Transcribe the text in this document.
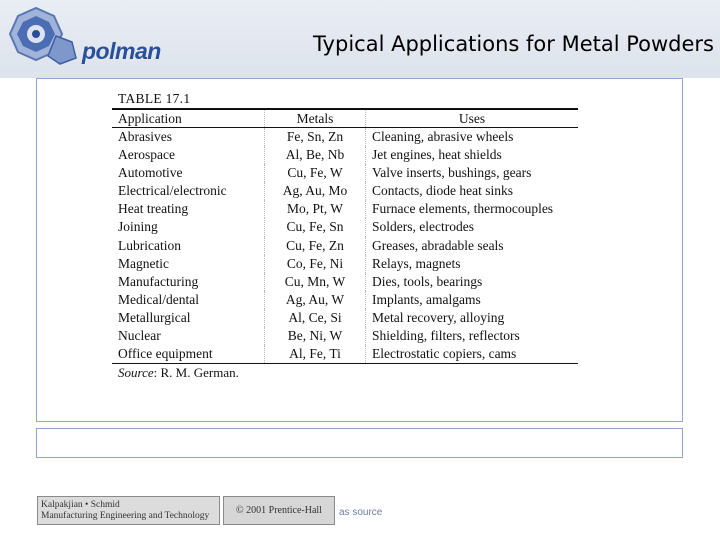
polman	Typical Applications for Metal Powders
TABLE 17.1
Application	Metals	Uses

Abrasives	Fe, Sn, Zn	Cleaning, abrasive wheels
Aerospace	Al, Be, Nb	Jet engines, heat shields
Automotive	Cu, Fe, W	Valve inserts, bushings, gears
Electrical/electronic	Ag, Au, Mo	Contacts, diode heat sinks
Heat treating	Mo, Pt, W	Furnace elements, thermocouples
Joining	Cu, Fe, Sn	Solders, electrodes
Lubrication	Cu, Fe, Zn	Greases, abradable seals
Magnetic	Co, Fe, Ni	Relays, magnets
Manufacturing	Cu, Mn, W	Dies, tools, bearings
Medical/dental	Ag, Au, W	Implants, amalgams
Metallurgical	Al, Ce, Si	Metal recovery, alloying
Nuclear	Be, Ni, W	Shielding, filters, reflectors
Office equipment	Al, Fe, Ti	Electrostatic copiers, cams
Source: R. M. German.
Kalpakjian • Schmid
Manufacturing Engineering and Technology	© 2001 Prentice-Hall	as source
